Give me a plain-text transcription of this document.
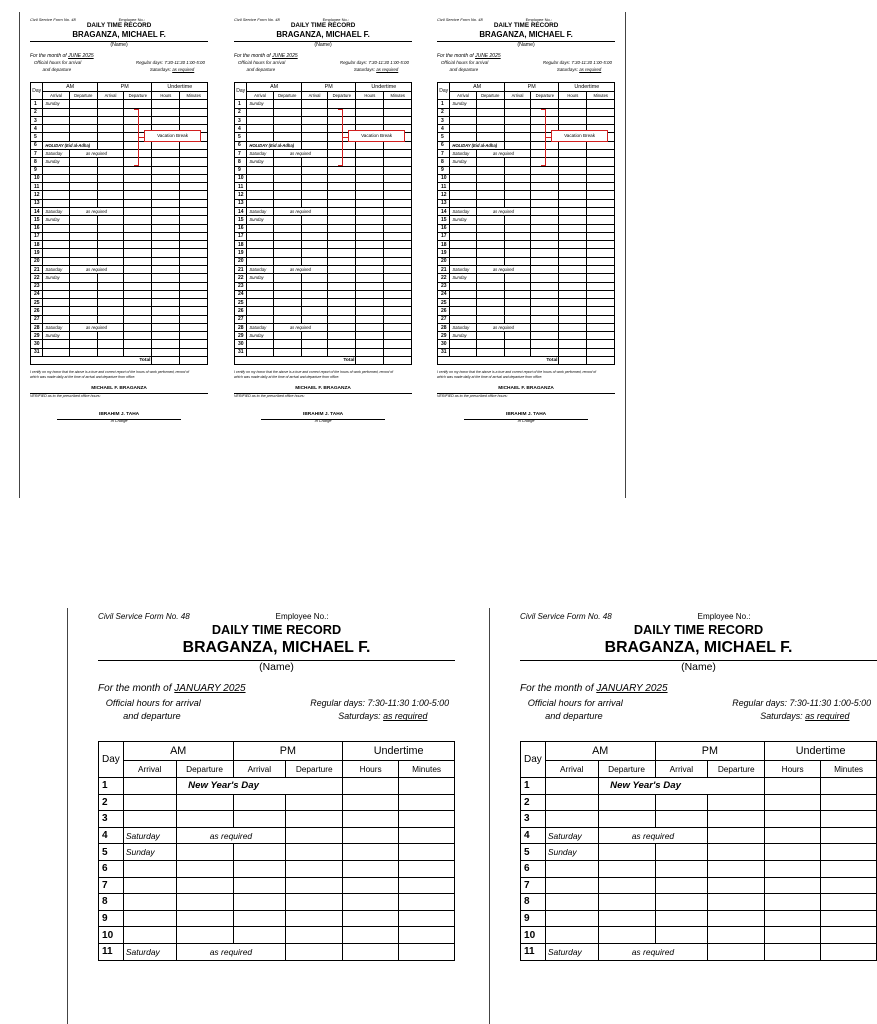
Civil Service Form No. 48	Employee No.:
DAILY TIME RECORD
BRAGANZA, MICHAEL F.
(Name)
For the month of JUNE 2025
Official hours for arrival
and departure
Regular days: 7:30-11:30 1:00-5:00
Saturdays: as required
Day	AM		PM		Undertime	
	Arrival	Departure	Arrival	Departure	Hours	Minutes
1	Sunday					
2						
3						
4						
5						
6	HOLIDAY (Eid al-Adha)					
7	Saturday	as required				
8	Sunday					
9						
10						
11						
12						
13						
14	Saturday	as required				
15	Sunday					
16						
17						
18						
19						
20						
21	Saturday	as required				
22	Sunday					
23						
24						
25						
26						
27						
28	Saturday	as required				
29	Sunday					
30						
31						
Total						
I certify on my honor that the above is a true and correct report of the hours of work performed, record of which was made daily at the time of arrival and departure from office.
MICHAEL F. BRAGANZA
VERIFIED as to the prescribed office hours:
IBRAHIM J. TAHA
In Charge
Vacation Break
Civil Service Form No. 48	Employee No.:
DAILY TIME RECORD
BRAGANZA, MICHAEL F.
(Name)
For the month of JUNE 2025
Official hours for arrival
and departure
Regular days: 7:30-11:30 1:00-5:00
Saturdays: as required
Day	AM		PM		Undertime	
	Arrival	Departure	Arrival	Departure	Hours	Minutes
1	Sunday					
2						
3						
4						
5						
6	HOLIDAY (Eid al-Adha)					
7	Saturday	as required				
8	Sunday					
9						
10						
11						
12						
13						
14	Saturday	as required				
15	Sunday					
16						
17						
18						
19						
20						
21	Saturday	as required				
22	Sunday					
23						
24						
25						
26						
27						
28	Saturday	as required				
29	Sunday					
30						
31						
Total						
I certify on my honor that the above is a true and correct report of the hours of work performed, record of which was made daily at the time of arrival and departure from office.
MICHAEL F. BRAGANZA
VERIFIED as to the prescribed office hours:
IBRAHIM J. TAHA
In Charge
Vacation Break
Civil Service Form No. 48	Employee No.:
DAILY TIME RECORD
BRAGANZA, MICHAEL F.
(Name)
For the month of JUNE 2025
Official hours for arrival
and departure
Regular days: 7:30-11:30 1:00-5:00
Saturdays: as required
Day	AM		PM		Undertime	
	Arrival	Departure	Arrival	Departure	Hours	Minutes
1	Sunday					
2						
3						
4						
5						
6	HOLIDAY (Eid al-Adha)					
7	Saturday	as required				
8	Sunday					
9						
10						
11						
12						
13						
14	Saturday	as required				
15	Sunday					
16						
17						
18						
19						
20						
21	Saturday	as required				
22	Sunday					
23						
24						
25						
26						
27						
28	Saturday	as required				
29	Sunday					
30						
31						
Total						
I certify on my honor that the above is a true and correct report of the hours of work performed, record of which was made daily at the time of arrival and departure from office.
MICHAEL F. BRAGANZA
VERIFIED as to the prescribed office hours:
IBRAHIM J. TAHA
In Charge
Vacation Break
Civil Service Form No. 48	Employee No.:
DAILY TIME RECORD
BRAGANZA, MICHAEL F.
(Name)
For the month of JANUARY 2025
Official hours for arrival
and departure
Regular days: 7:30-11:30 1:00-5:00
Saturdays: as required
Day	AM		PM		Undertime	
	Arrival	Departure	Arrival	Departure	Hours	Minutes
1		New Year's Day				
2						
3						
4	Saturday	as required				
5	Sunday					
6						
7						
8						
9						
10						
11	Saturday	as required				
Civil Service Form No. 48	Employee No.:
DAILY TIME RECORD
BRAGANZA, MICHAEL F.
(Name)
For the month of JANUARY 2025
Official hours for arrival
and departure
Regular days: 7:30-11:30 1:00-5:00
Saturdays: as required
Day	AM		PM		Undertime	
	Arrival	Departure	Arrival	Departure	Hours	Minutes
1		New Year's Day				
2						
3						
4	Saturday	as required				
5	Sunday					
6						
7						
8						
9						
10						
11	Saturday	as required				
